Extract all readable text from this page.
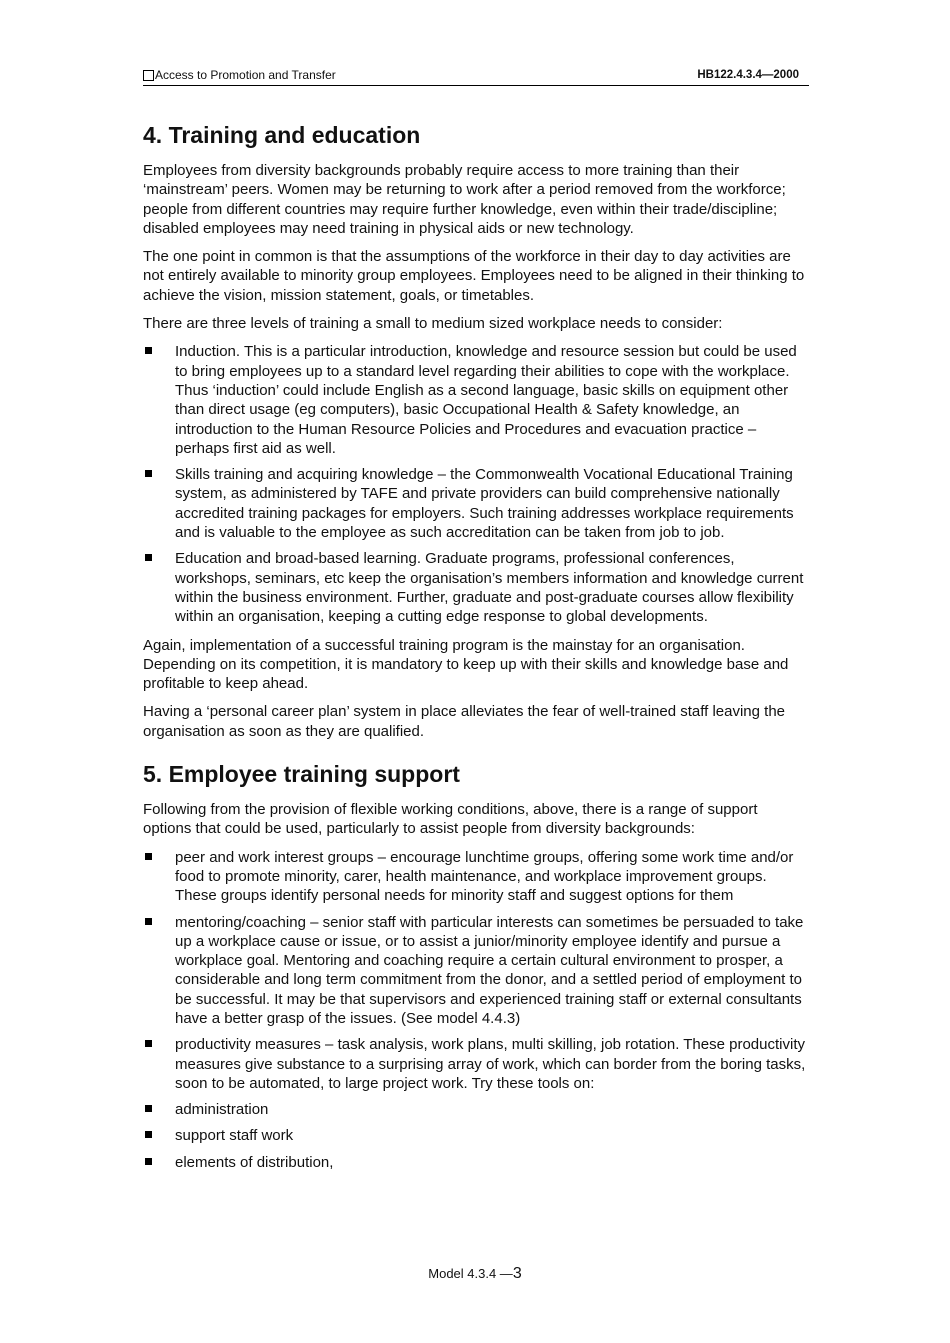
Access to Promotion and Transfer	HB122.4.3.4—2000
4. Training and education

Employees from diversity backgrounds probably require access to more training than their ‘mainstream’ peers. Women may be returning to work after a period removed from the workforce; people from different countries may require further knowledge, even within their trade/discipline; disabled employees may need training in physical aids or new technology.

The one point in common is that the assumptions of the workforce in their day to day activities are not entirely available to minority group employees. Employees need to be aligned in their thinking to achieve the vision, mission statement, goals, or timetables.

There are three levels of training a small to medium sized workplace needs to consider:

Induction. This is a particular introduction, knowledge and resource session but could be used to bring employees up to a standard level regarding their abilities to cope with the workplace. Thus ‘induction’ could include English as a second language, basic skills on equipment other than direct usage (eg computers), basic Occupational Health & Safety knowledge, an introduction to the Human Resource Policies and Procedures and evacuation practice – perhaps first aid as well.
Skills training and acquiring knowledge – the Commonwealth Vocational Educational Training system, as administered by TAFE and private providers can build comprehensive nationally accredited training packages for employers. Such training addresses workplace requirements and is valuable to the employee as such accreditation can be taken from job to job.
Education and broad-based learning. Graduate programs, professional conferences, workshops, seminars, etc keep the organisation’s members information and knowledge current within the business environment. Further, graduate and post-graduate courses allow flexibility within an organisation, keeping a cutting edge response to global developments.

Again, implementation of a successful training program is the mainstay for an organisation. Depending on its competition, it is mandatory to keep up with their skills and knowledge base and profitable to keep ahead.

Having a ‘personal career plan’ system in place alleviates the fear of well-trained staff leaving the organisation as soon as they are qualified.

5. Employee training support

Following from the provision of flexible working conditions, above, there is a range of support options that could be used, particularly to assist people from diversity backgrounds:

peer and work interest groups – encourage lunchtime groups, offering some work time and/or food to promote minority, carer, health maintenance, and workplace improvement groups. These groups identify personal needs for minority staff and suggest options for them
mentoring/coaching – senior staff with particular interests can sometimes be persuaded to take up a workplace cause or issue, or to assist a junior/minority employee identify and pursue a workplace goal. Mentoring and coaching require a certain cultural environment to prosper, a considerable and long term commitment from the donor, and a settled period of employment to be successful. It may be that supervisors and experienced training staff or external consultants have a better grasp of the issues. (See model 4.4.3)
productivity measures – task analysis, work plans, multi skilling, job rotation. These productivity measures give substance to a surprising array of work, which can border from the boring tasks, soon to be automated, to large project work. Try these tools on:
administration
support staff work
elements of distribution,
Model 4.3.4 —3
